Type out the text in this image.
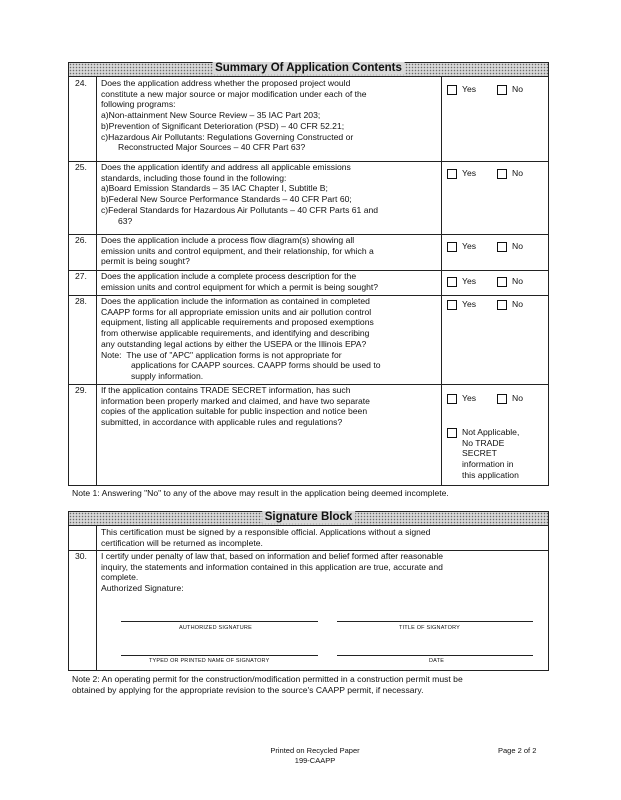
Summary Of Application Contents
24. Does the application address whether the proposed project would

constitute a new major source or major modification under each of the

following programs:

a)Non-attainment New Source Review – 35 IAC Part 203;

b)Prevention of Significant Deterioration (PSD) – 40 CFR 52.21;

c)Hazardous Air Pollutants: Regulations Governing Constructed or

Reconstructed Major Sources – 40 CFR Part 63?

Yes	No
25. Does the application identify and address all applicable emissions

standards, including those found in the following:

a)Board Emission Standards – 35 IAC Chapter I, Subtitle B;

b)Federal New Source Performance Standards – 40 CFR Part 60;

c)Federal Standards for Hazardous Air Pollutants – 40 CFR Parts 61 and

63?

Yes	No
26. Does the application include a process flow diagram(s) showing all

emission units and control equipment, and their relationship, for which a

permit is being sought?

Yes	No
27. Does the application include a complete process description for the

emission units and control equipment for which a permit is being sought?

Yes	No
28. Does the application include the information as contained in completed

CAAPP forms for all appropriate emission units and air pollution control

equipment, listing all applicable requirements and proposed exemptions

from otherwise applicable requirements, and identifying and describing

any outstanding legal actions by either the USEPA or the Illinois EPA?

Note: The use of "APC" application forms is not appropriate for

applications for CAAPP sources. CAAPP forms should be used to

supply information.

Yes	No
29. If the application contains TRADE SECRET information, has such

information been properly marked and claimed, and have two separate

copies of the application suitable for public inspection and notice been

submitted, in accordance with applicable rules and regulations?

Yes	No
Not Applicable,
No TRADE
SECRET
information in
this application
Note 1: Answering "No" to any of the above may result in the application being deemed incomplete.
Signature Block

This certification must be signed by a responsible official. Applications without a signed

certification will be returned as incomplete.

30. I certify under penalty of law that, based on information and belief formed after reasonable

inquiry, the statements and information contained in this application are true, accurate and

complete.

Authorized Signature:

AUTHORIZED SIGNATURE	TITLE OF SIGNATORY
TYPED OR PRINTED NAME OF SIGNATORY	DATE
Note 2: An operating permit for the construction/modification permitted in a construction permit must be
obtained by applying for the appropriate revision to the source's CAAPP permit, if necessary.
Printed on Recycled Paper
199-CAAPP
Page 2 of 2
